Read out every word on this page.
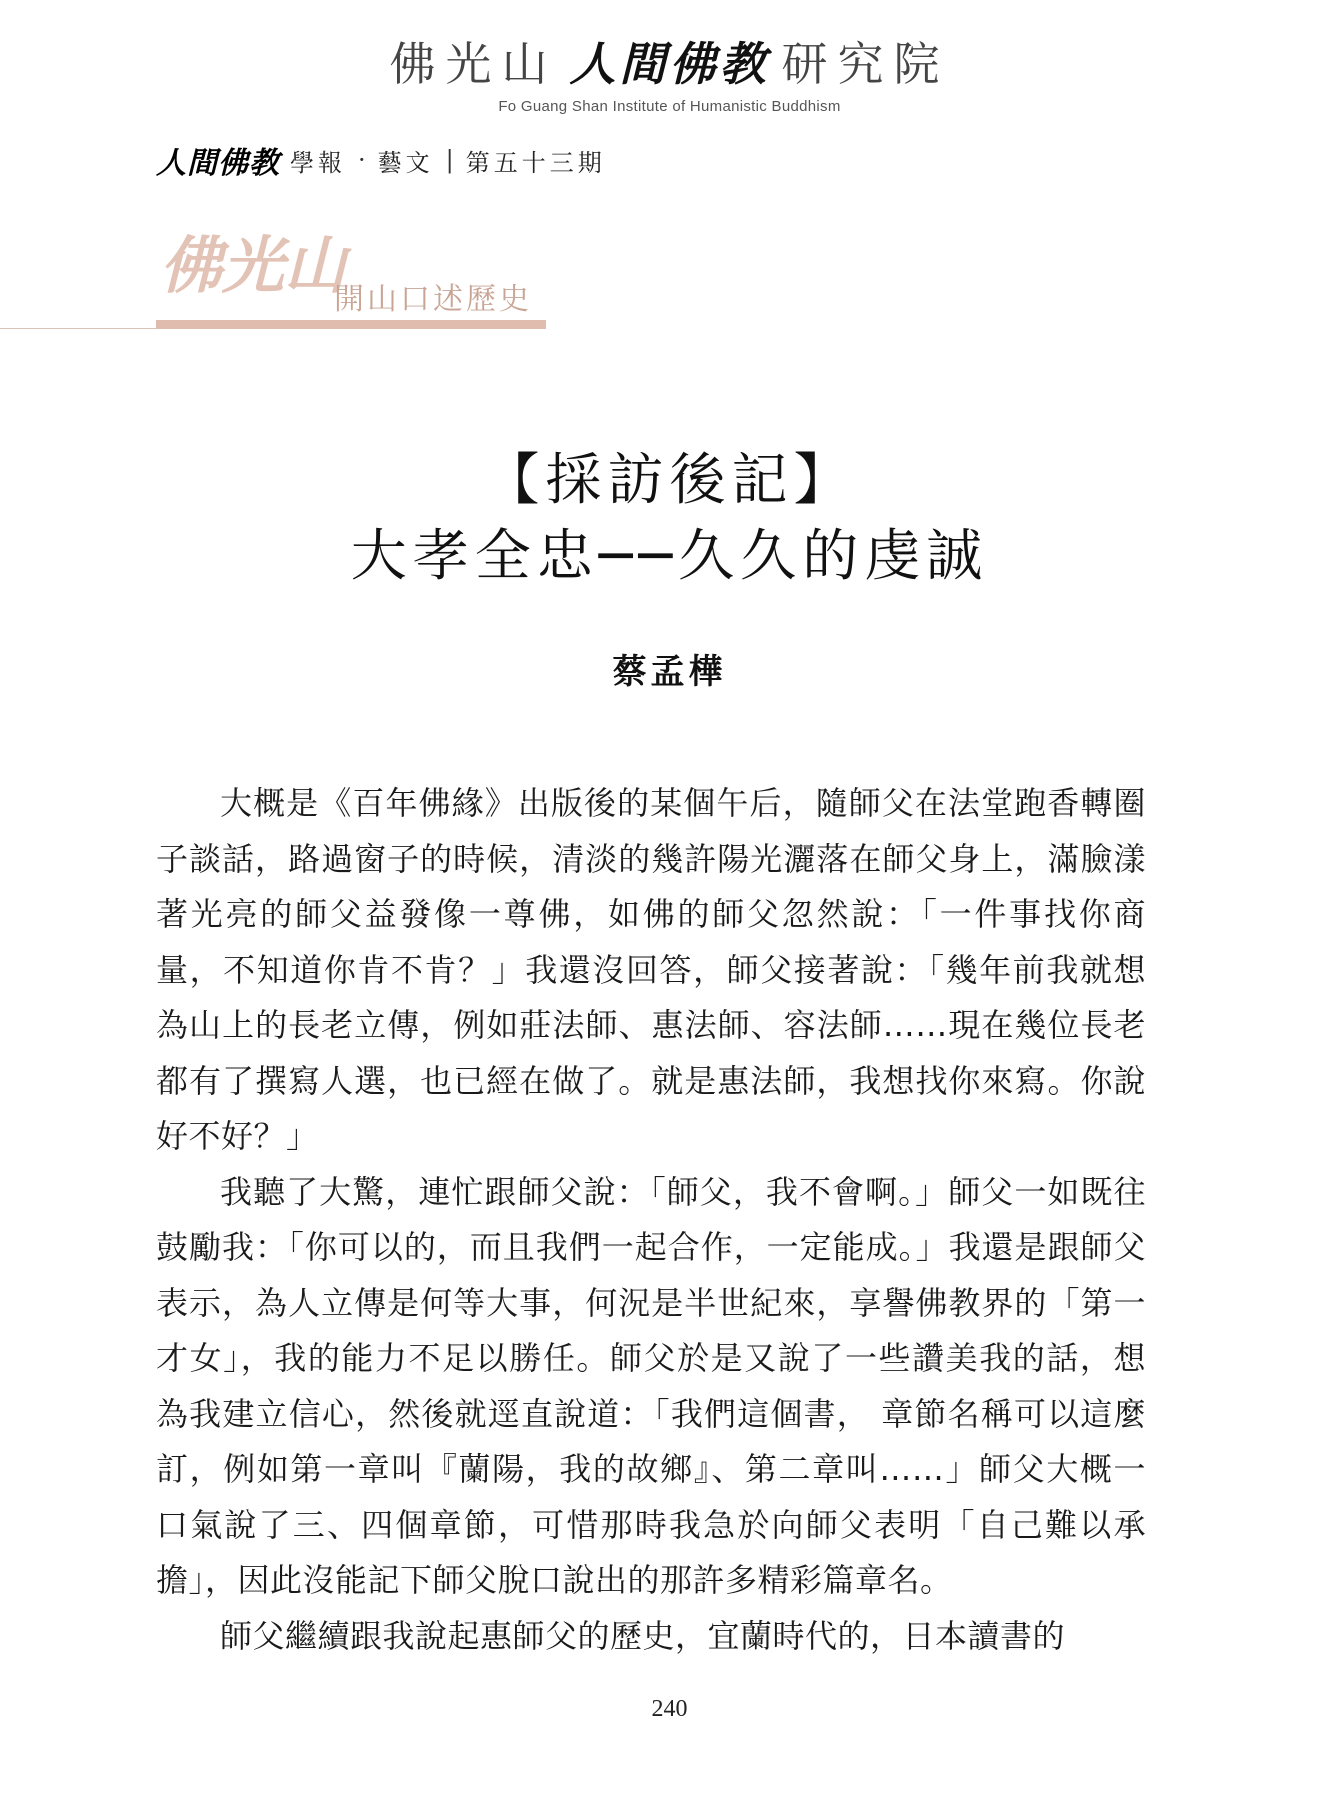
佛光山 人間佛教 研究院
Fo Guang Shan Institute of Humanistic Buddhism
人間佛教 學報 · 藝文 | 第五十三期
佛光山
開山口述歷史
【採訪後記】
大孝全忠──久久的虔誠
蔡孟樺

大概是《百年佛緣》出版後的某個午后，隨師父在法堂跑香轉圈子談話，路過窗子的時候，清淡的幾許陽光灑落在師父身上，滿臉漾著光亮的師父益發像一尊佛，如佛的師父忽然說：「一件事找你商量，不知道你肯不肯？」我還沒回答，師父接著說：「幾年前我就想為山上的長老立傳，例如莊法師、惠法師、容法師……現在幾位長老都有了撰寫人選，也已經在做了。就是惠法師，我想找你來寫。你說好不好？」

我聽了大驚，連忙跟師父說：「師父，我不會啊。」師父一如既往鼓勵我：「你可以的，而且我們一起合作，一定能成。」我還是跟師父表示，為人立傳是何等大事，何況是半世紀來，享譽佛教界的「第一才女」，我的能力不足以勝任。師父於是又說了一些讚美我的話，想為我建立信心，然後就逕直說道：「我們這個書， 章節名稱可以這麼訂，例如第一章叫『蘭陽，我的故鄉』、第二章叫……」師父大概一口氣說了三、四個章節，可惜那時我急於向師父表明「自己難以承擔」，因此沒能記下師父脫口說出的那許多精彩篇章名。

師父繼續跟我說起惠師父的歷史，宜蘭時代的，日本讀書的

240
